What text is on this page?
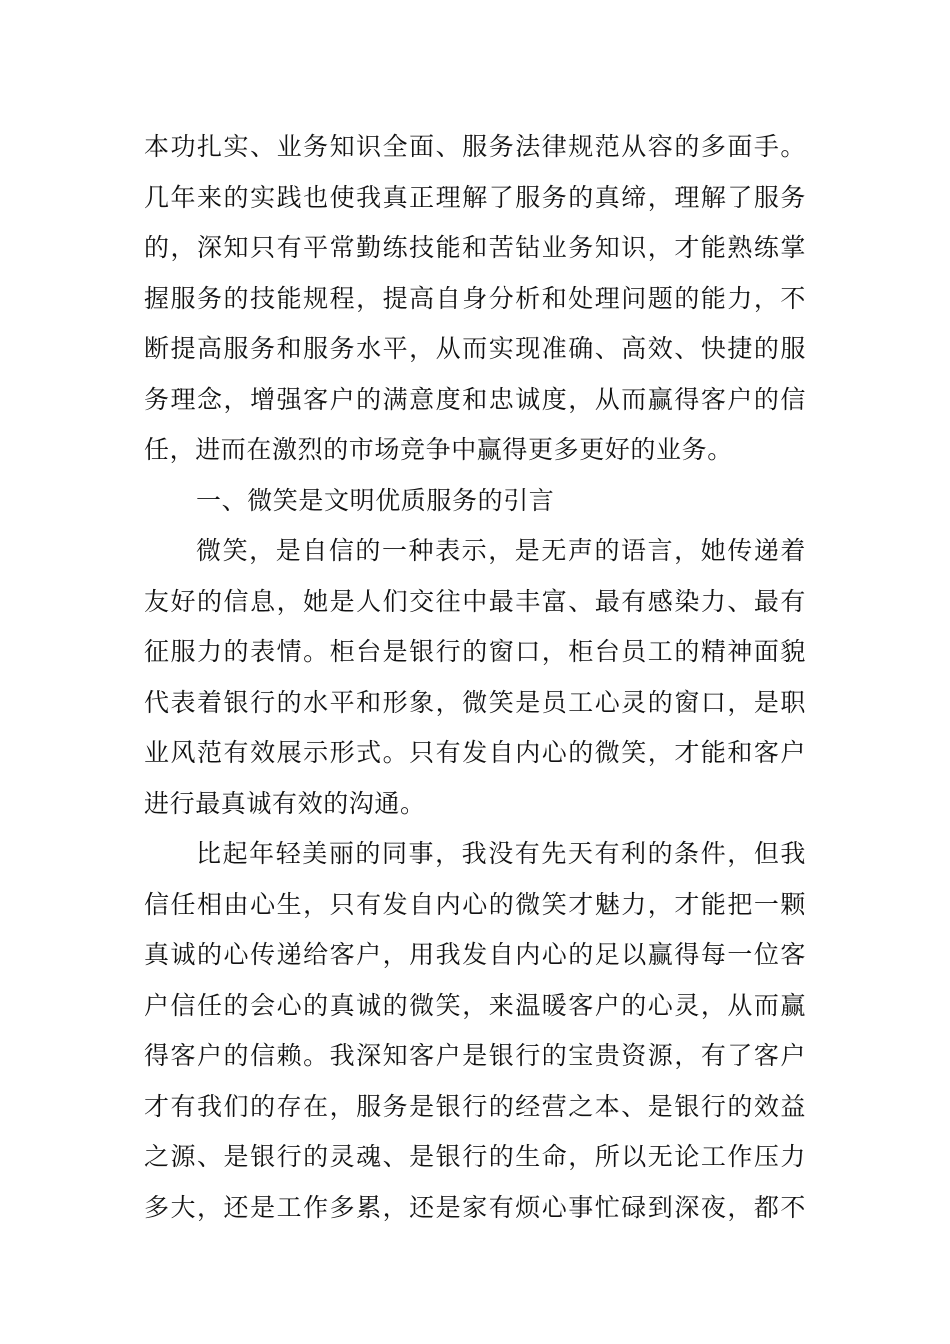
本功扎实、业务知识全面、服务法律规范从容的多面手。
几年来的实践也使我真正理解了服务的真缔，理解了服务
的，深知只有平常勤练技能和苦钻业务知识，才能熟练掌
握服务的技能规程，提高自身分析和处理问题的能力，不
断提高服务和服务水平，从而实现准确、高效、快捷的服
务理念，增强客户的满意度和忠诚度，从而赢得客户的信
任，进而在激烈的市场竞争中赢得更多更好的业务。
一、微笑是文明优质服务的引言
微笑，是自信的一种表示，是无声的语言，她传递着
友好的信息，她是人们交往中最丰富、最有感染力、最有
征服力的表情。柜台是银行的窗口，柜台员工的精神面貌
代表着银行的水平和形象，微笑是员工心灵的窗口，是职
业风范有效展示形式。只有发自内心的微笑，才能和客户
进行最真诚有效的沟通。
比起年轻美丽的同事，我没有先天有利的条件，但我
信任相由心生，只有发自内心的微笑才魅力，才能把一颗
真诚的心传递给客户，用我发自内心的足以赢得每一位客
户信任的会心的真诚的微笑，来温暖客户的心灵，从而赢
得客户的信赖。我深知客户是银行的宝贵资源，有了客户
才有我们的存在，服务是银行的经营之本、是银行的效益
之源、是银行的灵魂、是银行的生命，所以无论工作压力
多大，还是工作多累，还是家有烦心事忙碌到深夜，都不
